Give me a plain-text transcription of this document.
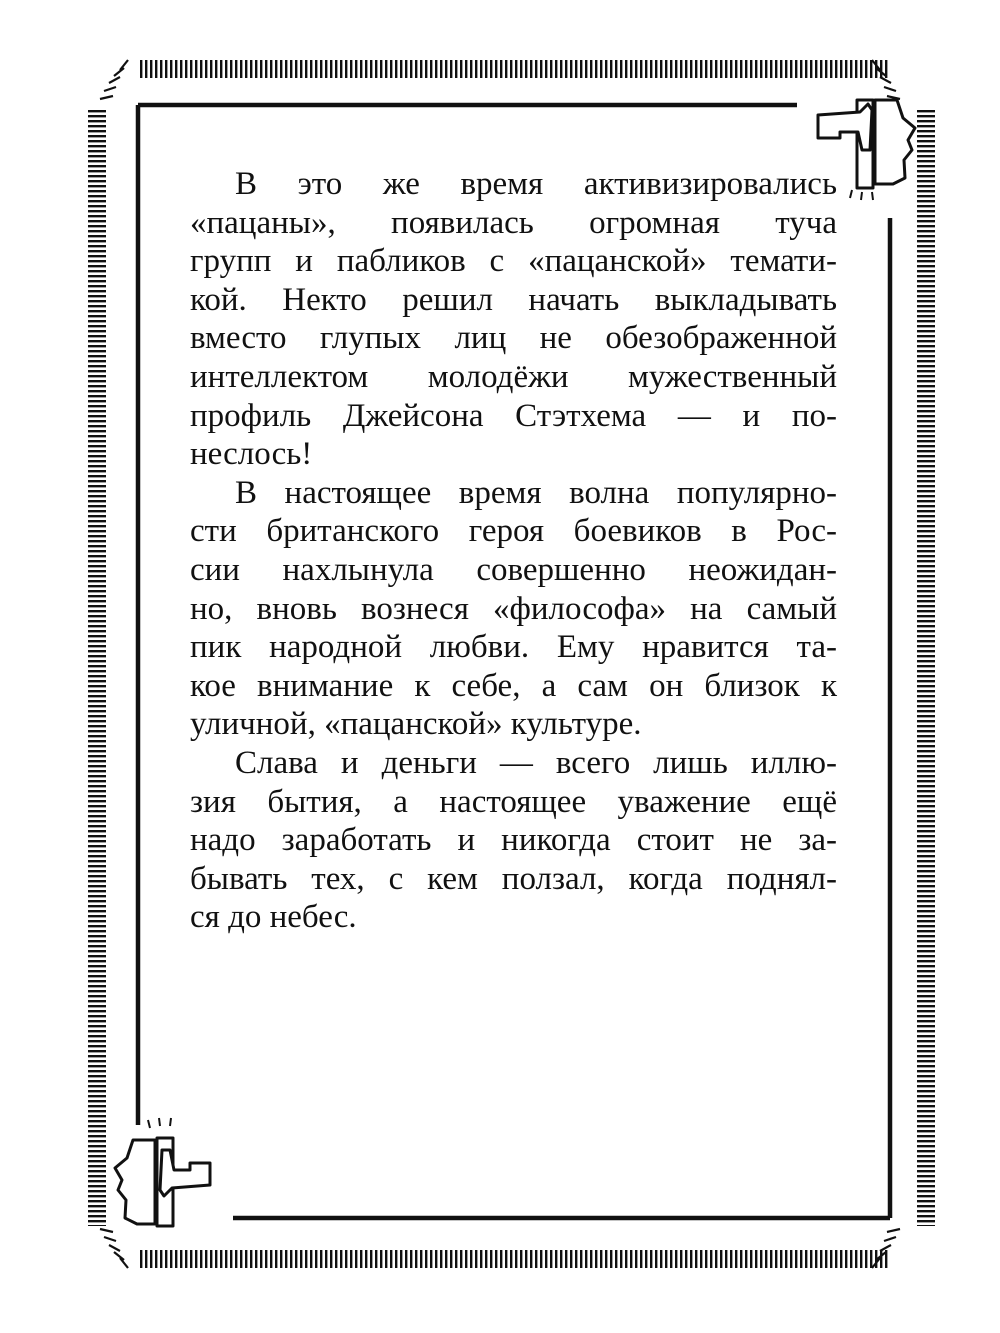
В это же время активизировались
«пацаны», появилась огромная туча
групп и пабликов с «пацанской» темати-
кой. Некто решил начать выкладывать
вместо глупых лиц не обезображенной
интеллектом молодёжи мужественный
профиль Джейсона Стэтхема — и по-
неслось!

В настоящее время волна популярно-
сти британского героя боевиков в Рос-
сии нахлынула совершенно неожидан-
но, вновь вознеся «философа» на самый
пик народной любви. Ему нравится та-
кое внимание к себе, а сам он близок к
уличной, «пацанской» культуре.

Слава и деньги — всего лишь иллю-
зия бытия, а настоящее уважение ещё
надо заработать и никогда стоит не за-
бывать тех, с кем ползал, когда поднял-
ся до небес.
